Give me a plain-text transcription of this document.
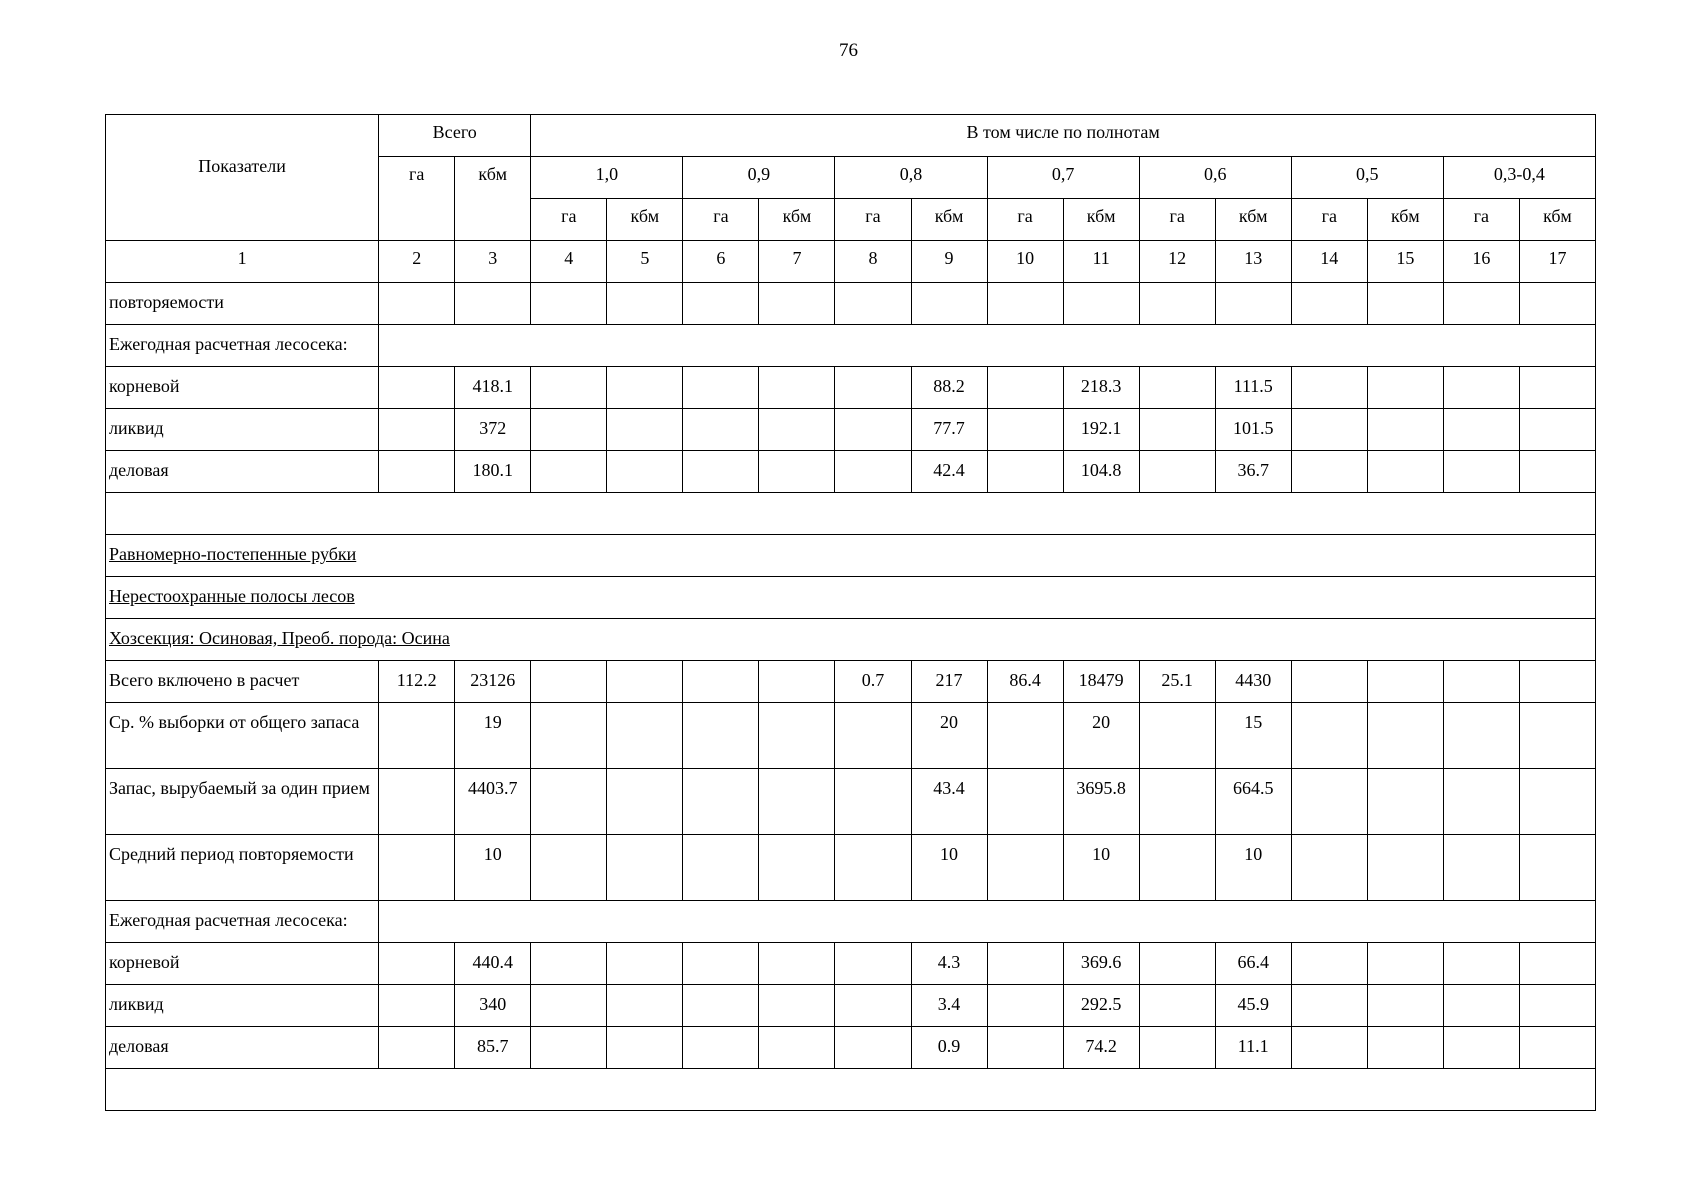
76
Показатели	Всего		В том числе по полнотам													
	га	кбм	1,0		0,9		0,8		0,7		0,6		0,5		0,3-0,4	
			га	кбм	га	кбм	га	кбм	га	кбм	га	кбм	га	кбм	га	кбм
1	2	3	4	5	6	7	8	9	10	11	12	13	14	15	16	17
повторяемости																
Ежегодная расчетная лесосека:																
корневой		418.1						88.2		218.3		111.5				
ликвид		372						77.7		192.1		101.5				
деловая		180.1						42.4		104.8		36.7				

Равномерно-постепенные рубки																
Нерестоохранные полосы лесов																
Хозсекция: Осиновая, Преоб. порода: Осина																
Всего включено в расчет	112.2	23126					0.7	217	86.4	18479	25.1	4430				
Ср. % выборки от общего запаса		19						20		20		15				
Запас, вырубаемый за один прием		4403.7						43.4		3695.8		664.5				
Средний период повторяемости		10						10		10		10				
Ежегодная расчетная лесосека:																
корневой		440.4						4.3		369.6		66.4				
ликвид		340						3.4		292.5		45.9				
деловая		85.7						0.9		74.2		11.1				
